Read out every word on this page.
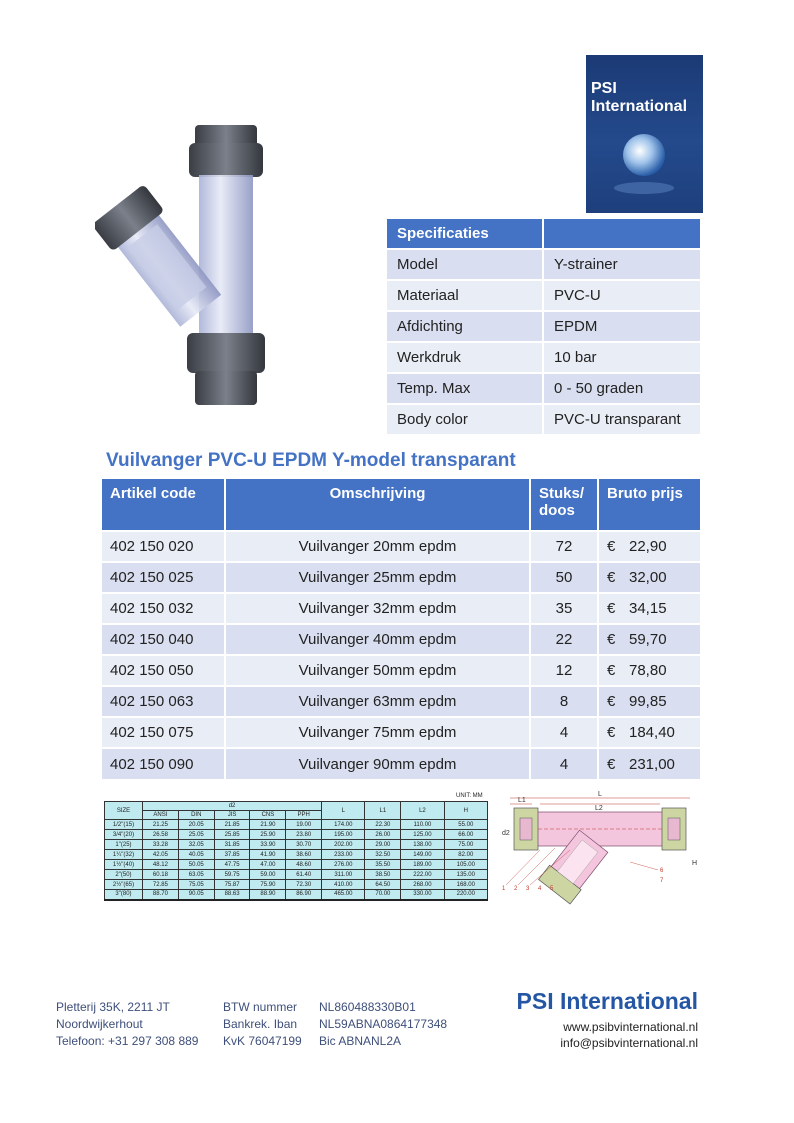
PSI
International
Specificaties	
Model	Y-strainer
Materiaal	PVC-U
Afdichting	EPDM
Werkdruk	10 bar
Temp. Max	0 - 50 graden
Body color	PVC-U transparant
Vuilvanger PVC-U EPDM Y-model transparant
Artikel code	Omschrijving	Stuks/ doos	Bruto prijs
402 150 020	Vuilvanger 20mm epdm	72	€ 22,90
402 150 025	Vuilvanger 25mm epdm	50	€ 32,00
402 150 032	Vuilvanger 32mm epdm	35	€ 34,15
402 150 040	Vuilvanger 40mm epdm	22	€ 59,70
402 150 050	Vuilvanger 50mm epdm	12	€ 78,80
402 150 063	Vuilvanger 63mm epdm	8	€ 99,85
402 150 075	Vuilvanger 75mm epdm	4	€ 184,40
402 150 090	Vuilvanger 90mm epdm	4	€ 231,00
UNIT: MM
SIZE	d2					L	L1	L2	H
	ANSI	DIN	JIS	CNS	PPH				
1/2"(15)	21.25	20.05	21.85	21.90	19.00	174.00	22.30	110.00	55.00
3/4"(20)	26.58	25.05	25.85	25.90	23.80	195.00	26.00	125.00	66.00
1"(25)	33.28	32.05	31.85	33.90	30.70	202.00	29.00	138.00	75.00
1¼"(32)	42.05	40.05	37.85	41.90	38.60	233.00	32.50	149.00	82.00
1½"(40)	48.12	50.05	47.75	47.00	48.60	276.00	35.50	189.00	105.00
2"(50)	60.18	63.05	59.75	59.00	61.40	311.00	38.50	222.00	135.00
2½"(65)	72.85	75.05	75.87	75.90	72.30	410.00	64.50	268.00	168.00
3"(80)	88.70	90.05	88.63	88.90	86.90	465.00	70.00	330.00	220.00
L
L1
L2
d2
H
1 2 3 4 5
6
7
Pletterij 35K, 2211 JT
Noordwijkerhout
Telefoon: +31 297 308 889
BTW nummer
Bankrek. Iban
KvK 76047199
NL860488330B01
NL59ABNA0864177348
Bic ABNANL2A
PSI International
www.psibvinternational.nl
info@psibvinternational.nl
